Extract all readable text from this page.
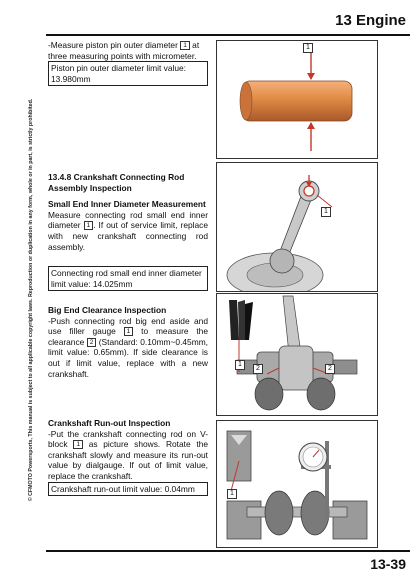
13 Engine
© CFMOTO Powersports, This manual is subject to all applicable copyright laws. Reproduction or duplication in any form, whole or in part, is strictly prohibited.

-Measure piston pin outer diameter 1 at three measuring points with micrometer.

Piston pin outer diameter limit value: 13.980mm

1

13.4.8 Crankshaft Connecting Rod Assembly Inspection

Small End Inner Diameter Measurement

Measure connecting rod small end inner diameter 1 . If out of service limit, replace with new crankshaft connecting rod assembly.

Connecting rod small end inner diameter limit value: 14.025mm

1

Big End Clearance Inspection

-Push connecting rod big end aside and use filler gauge 1 to measure the clearance 2 (Standard: 0.10mm~0.45mm, limit value: 0.65mm). If side clearance is out if limit value, replace with a new crankshaft.

1
2	2

Crankshaft Run-out Inspection

-Put the crankshaft connecting rod on V-block 1 as picture shows. Rotate the crankshaft slowly and measure its run-out value by dialgauge. If out of limit value, replace the crankshaft.

Crankshaft run-out limit value: 0.04mm	1
13-39
